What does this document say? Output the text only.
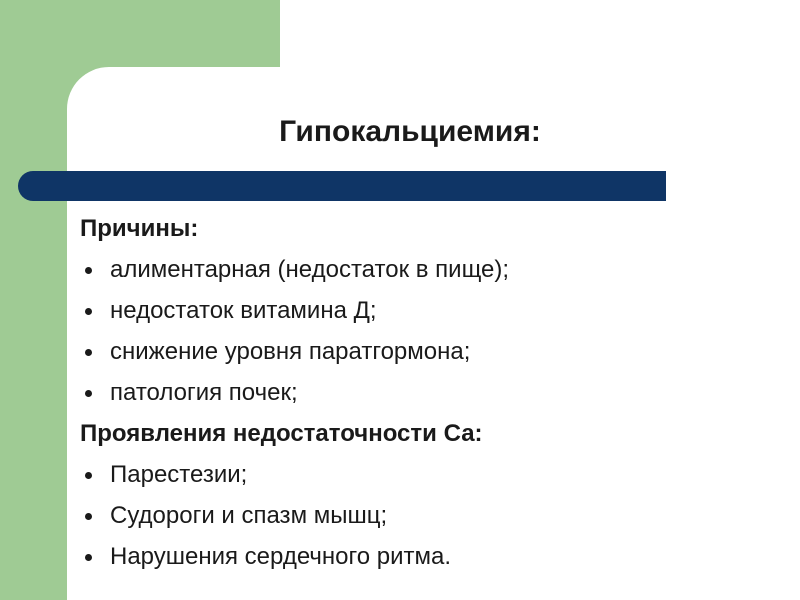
Гипокальциемия:
Причины:
алиментарная (недостаток в пище);
недостаток витамина Д;
снижение уровня паратгормона;
патология почек;
Проявления недостаточности Са:
Парестезии;
Судороги и спазм мышц;
Нарушения сердечного ритма.
